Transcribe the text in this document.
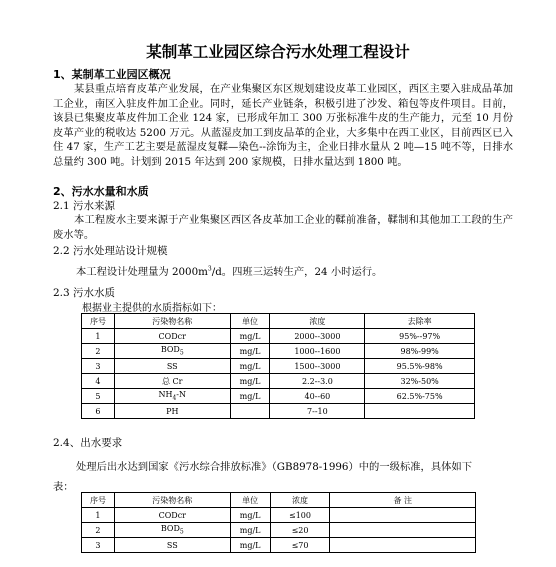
某制革工业园区综合污水处理工程设计
1、某制革工业园区概况
某县重点培育皮革产业发展，在产业集聚区东区规划建设皮革工业园区，西区主要入驻成品革加工企业，南区入驻皮件加工企业。同时，延长产业链条，积极引进了沙发、箱包等皮件项目。目前，该县已集聚皮革皮件加工企业 124 家，已形成年加工 300 万张标准牛皮的生产能力，元至 10 月份皮革产业的税收达 5200 万元。从蓝湿皮加工到皮品革的企业，大多集中在西工业区，目前西区已入住 47 家，生产工艺主要是蓝湿皮复鞣—染色--涂饰为主，企业日排水量从 2 吨—15 吨不等，日排水总量约 300 吨。计划到 2015 年达到 200 家规模，日排水量达到 1800 吨。
2、污水水量和水质
2.1 污水来源
本工程废水主要来源于产业集聚区西区各皮革加工企业的鞣前准备，鞣制和其他加工工段的生产废水等。
2.2 污水处理站设计规模
本工程设计处理量为 $2000m^3/d$。四班三运转生产，24 小时运行。
2.3 污水水质
根据业主提供的水质指标如下：
序号	污染物名称	单位	浓度	去除率
1	CODcr	mg/L	2000--3000	95%--97%
2	$BOD_5$	mg/L	1000--1600	98%-99%
3	SS	mg/L	1500--3000	95.5%-98%
4	总 Cr	mg/L	2.2--3.0	32%-50%
5	$NH_4-N$	mg/L	40--60	62.5%-75%
6	PH		7--10	
2.4、出水要求
处理后出水达到国家《污水综合排放标准》（GB8978-1996）中的一级标准，具体如下
表：
序号	污染物名称	单位	浓度	备 注
1	CODcr	mg/L	≤100	
2	$BOD_5$	mg/L	≤20	
3	SS	mg/L	≤70	
